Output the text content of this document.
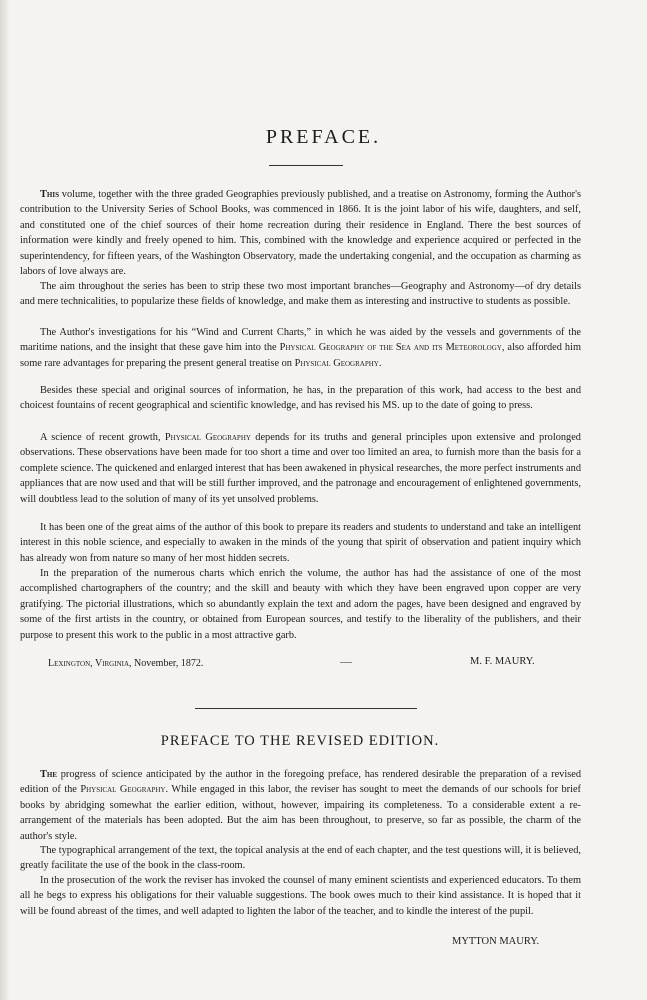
PREFACE.

This volume, together with the three graded Geographies previously published, and a treatise on Astronomy, forming the Author's contribution to the University Series of School Books, was commenced in 1866. It is the joint labor of his wife, daughters, and self, and constituted one of the chief sources of their home recreation during their residence in England. There the best sources of information were kindly and freely opened to him. This, combined with the knowledge and experience acquired or perfected in the superintendency, for fifteen years, of the Washington Observatory, made the undertaking congenial, and the occupation as charming as labors of love always are.

The aim throughout the series has been to strip these two most important branches—Geography and Astronomy—of dry details and mere technicalities, to popularize these fields of knowledge, and make them as interesting and instructive to students as possible.

The Author's investigations for his “Wind and Current Charts,” in which he was aided by the vessels and governments of the maritime nations, and the insight that these gave him into the Physical Geography of the Sea and its Meteorology, also afforded him some rare advantages for preparing the present general treatise on Physical Geography.

Besides these special and original sources of information, he has, in the preparation of this work, had access to the best and choicest fountains of recent geographical and scientific knowledge, and has revised his MS. up to the date of going to press.

A science of recent growth, Physical Geography depends for its truths and general principles upon extensive and prolonged observations. These observations have been made for too short a time and over too limited an area, to furnish more than the basis for a complete science. The quickened and enlarged interest that has been awakened in physical researches, the more perfect instruments and appliances that are now used and that will be still further improved, and the patronage and encouragement of enlightened governments, will doubtless lead to the solution of many of its yet unsolved problems.

It has been one of the great aims of the author of this book to prepare its readers and students to understand and take an intelligent interest in this noble science, and especially to awaken in the minds of the young that spirit of observation and patient inquiry which has already won from nature so many of her most hidden secrets.

In the preparation of the numerous charts which enrich the volume, the author has had the assistance of one of the most accomplished chartographers of the country; and the skill and beauty with which they have been engraved upon copper are very gratifying. The pictorial illustrations, which so abundantly explain the text and adorn the pages, have been designed and engraved by some of the first artists in the country, or obtained from European sources, and testify to the liberality of the publishers, and their purpose to present this work to the public in a most attractive garb.

Lexington, Virginia, November, 1872.	M. F. MAURY.

PREFACE TO THE REVISED EDITION.

The progress of science anticipated by the author in the foregoing preface, has rendered desirable the preparation of a revised edition of the Physical Geography. While engaged in this labor, the reviser has sought to meet the demands of our schools for brief books by abridging somewhat the earlier edition, without, however, impairing its completeness. To a considerable extent a re-arrangement of the materials has been adopted. But the aim has been throughout, to preserve, so far as possible, the charm of the author's style.

The typographical arrangement of the text, the topical analysis at the end of each chapter, and the test questions will, it is believed, greatly facilitate the use of the book in the class-room.

In the prosecution of the work the reviser has invoked the counsel of many eminent scientists and experienced educators. To them all he begs to express his obligations for their valuable suggestions. The book owes much to their kind assistance. It is hoped that it will be found abreast of the times, and well adapted to lighten the labor of the teacher, and to kindle the interest of the pupil.

MYTTON MAURY.
